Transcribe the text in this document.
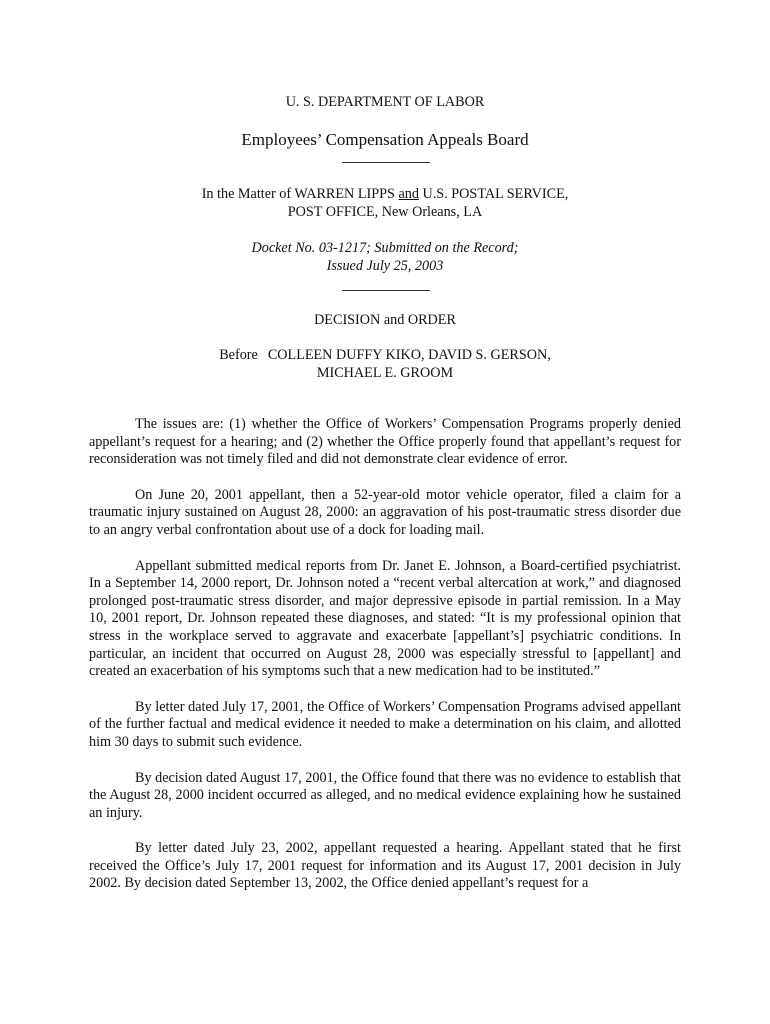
U. S. DEPARTMENT OF LABOR
Employees’ Compensation Appeals Board
In the Matter of WARREN LIPPS and U.S. POSTAL SERVICE,
POST OFFICE, New Orleans, LA
Docket No. 03-1217; Submitted on the Record;
Issued July 25, 2003
DECISION and ORDER
Before COLLEEN DUFFY KIKO, DAVID S. GERSON,
MICHAEL E. GROOM

The issues are: (1) whether the Office of Workers’ Compensation Programs properly denied appellant’s request for a hearing; and (2) whether the Office properly found that appellant’s request for reconsideration was not timely filed and did not demonstrate clear evidence of error.

On June 20, 2001 appellant, then a 52-year-old motor vehicle operator, filed a claim for a traumatic injury sustained on August 28, 2000: an aggravation of his post-traumatic stress disorder due to an angry verbal confrontation about use of a dock for loading mail.

Appellant submitted medical reports from Dr. Janet E. Johnson, a Board-certified psychiatrist. In a September 14, 2000 report, Dr. Johnson noted a “recent verbal altercation at work,” and diagnosed prolonged post-traumatic stress disorder, and major depressive episode in partial remission. In a May 10, 2001 report, Dr. Johnson repeated these diagnoses, and stated: “It is my professional opinion that stress in the workplace served to aggravate and exacerbate [appellant’s] psychiatric conditions. In particular, an incident that occurred on August 28, 2000 was especially stressful to [appellant] and created an exacerbation of his symptoms such that a new medication had to be instituted.”

By letter dated July 17, 2001, the Office of Workers’ Compensation Programs advised appellant of the further factual and medical evidence it needed to make a determination on his claim, and allotted him 30 days to submit such evidence.

By decision dated August 17, 2001, the Office found that there was no evidence to establish that the August 28, 2000 incident occurred as alleged, and no medical evidence explaining how he sustained an injury.

By letter dated July 23, 2002, appellant requested a hearing. Appellant stated that he first received the Office’s July 17, 2001 request for information and its August 17, 2001 decision in July 2002. By decision dated September 13, 2002, the Office denied appellant’s request for a
